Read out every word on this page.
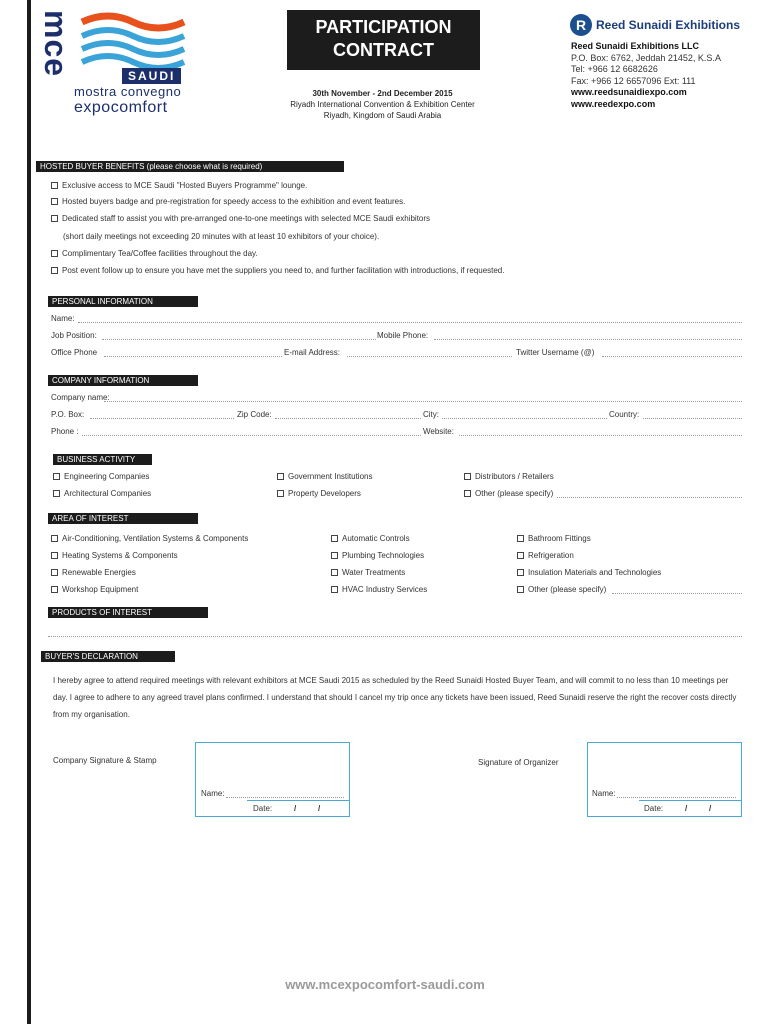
mce	SAUDI
mostra convegno
expocomfort
PARTICIPATION
CONTRACT
30th November - 2nd December 2015
Riyadh International Convention & Exhibition Center
Riyadh, Kingdom of Saudi Arabia
R Reed Sunaidi Exhibitions
Reed Sunaidi Exhibitions LLC
P.O. Box: 6762, Jeddah 21452, K.S.A
Tel: +966 12 6682626
Fax: +966 12 6657096 Ext: 111
www.reedsunaidiexpo.com
www.reedexpo.com
HOSTED BUYER BENEFITS (please choose what is required)
Exclusive access to MCE Saudi "Hosted Buyers Programme" lounge.
Hosted buyers badge and pre-registration for speedy access to the exhibition and event features.
Dedicated staff to assist you with pre-arranged one-to-one meetings with selected MCE Saudi exhibitors
(short daily meetings not exceeding 20 minutes with at least 10 exhibitors of your choice).
Complimentary Tea/Coffee facilities throughout the day.
Post event follow up to ensure you have met the suppliers you need to, and further facilitation with introductions, if requested.
PERSONAL INFORMATION
Name:
Job Position:	Mobile Phone:
Office Phone	E-mail Address:	Twitter Username (@)
COMPANY INFORMATION
Company name:
P.O. Box:	Zip Code:	City:	Country:
Phone :	Website:
BUSINESS ACTIVITY
Engineering Companies	Government Institutions	Distributors / Retailers
Architectural Companies	Property Developers	Other (please specify)
AREA OF INTEREST
Air-Conditioning, Ventilation Systems & Components	Automatic Controls	Bathroom Fittings
Heating Systems & Components	Plumbing Technologies	Refrigeration
Renewable Energies	Water Treatments	Insulation Materials and Technologies
Workshop Equipment	HVAC Industry Services	Other (please specify)
PRODUCTS OF INTEREST
BUYER'S DECLARATION
I hereby agree to attend required meetings with relevant exhibitors at MCE Saudi 2015 as scheduled by the Reed Sunaidi Hosted Buyer Team, and will commit to no less than 10 meetings per day. I agree to adhere to any agreed travel plans confirmed. I understand that should I cancel my trip once any tickets have been issued, Reed Sunaidi reserve the right the recover costs directly from my organisation.
Company Signature & Stamp
Name:
Date:	/	/
Signature of Organizer
Name:
Date:	/	/
www.mcexpocomfort-saudi.com
